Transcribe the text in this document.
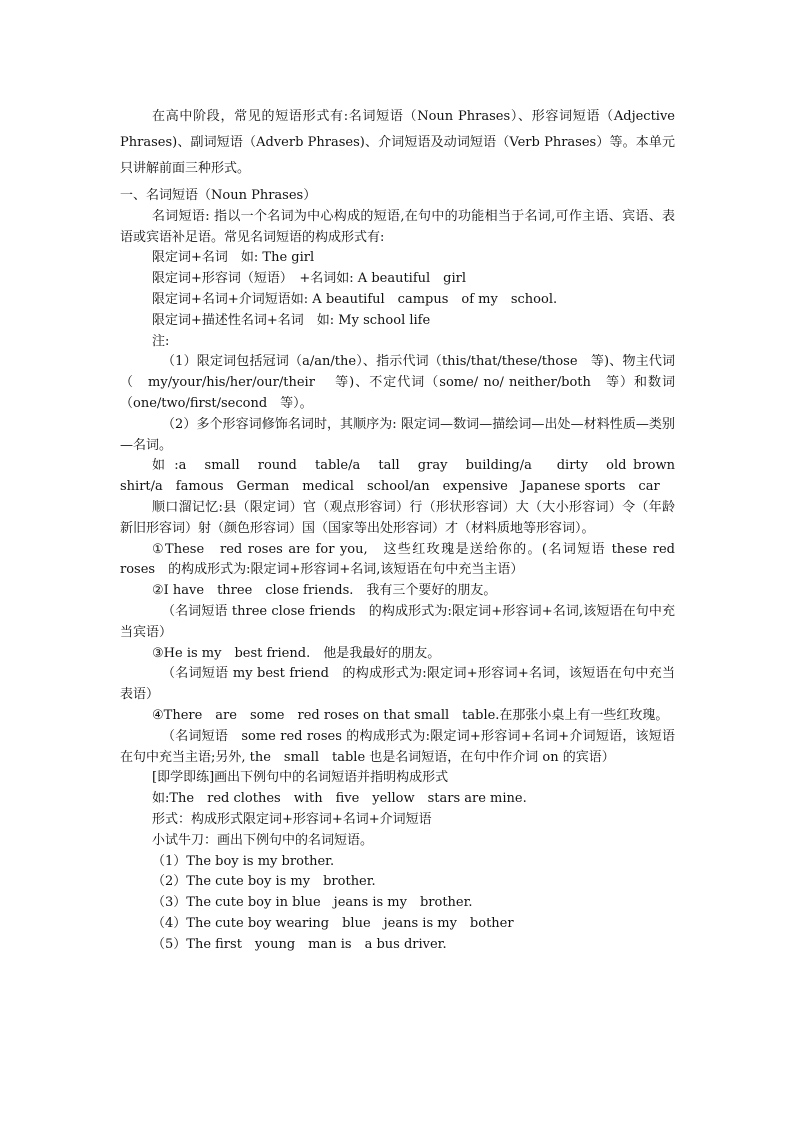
在高中阶段，常见的短语形式有:名词短语（Noun Phrases）、形容词短语（Adjective Phrases)、副词短语（Adverb Phrases)、介词短语及动词短语（Verb Phrases）等。本单元只讲解前面三种形式。

一、名词短语（Noun Phrases）

名词短语: 指以一个名词为中心构成的短语,在句中的功能相当于名词,可作主语、宾语、表语或宾语补足语。常见名词短语的构成形式有:

限定词+名词　如: The girl

限定词+形容词（短语）　+名词如: A beautiful　girl

限定词+名词+介词短语如: A beautiful　campus　of my　school.

限定词+描述性名词+名词　如: My school life

注:

（1）限定词包括冠词（a/an/the）、指示代词（this/that/these/those　等)、物主代词（　my/your/his/her/our/their　 等)、不定代词（some/ no/ neither/both　等）和数词（one/two/first/second　等）。

（2）多个形容词修饰名词时，其顺序为: 限定词—数词—描绘词—出处—材料性质—类别—名词。

如 :a　small　round　table/a　tall　gray　building/a　 dirty　old brown　shirt/a　famous　German　medical　school/an　expensive　Japanese sports　car

顺口溜记忆:县（限定词）官（观点形容词）行（形状形容词）大（大小形容词）令（年龄新旧形容词）射（颜色形容词）国（国家等出处形容词）才（材料质地等形容词）。

①These　red roses are for you,　这些红玫瑰是送给你的。(名词短语 these red　roses　的构成形式为:限定词+形容词+名词,该短语在句中充当主语）

②I have　three　close friends.　我有三个要好的朋友。

（名词短语 three close friends　的构成形式为:限定词+形容词+名词,该短语在句中充当宾语）

③He is my　best friend.　他是我最好的朋友。

（名词短语 my best friend　的构成形式为:限定词+形容词+名词，该短语在句中充当表语）

④There　are　some　red roses on that small　table.在那张小桌上有一些红玫瑰。

（名词短语　some red roses 的构成形式为:限定词+形容词+名词+介词短语，该短语在句中充当主语;另外, the　small　table 也是名词短语，在句中作介词 on 的宾语）

[即学即练]画出下例句中的名词短语并指明构成形式

如:The　red clothes　with　five　yellow　stars are mine.

形式：构成形式限定词+形容词+名词+介词短语

小试牛刀：画出下例句中的名词短语。

（1）The boy is my brother.

（2）The cute boy is my　brother.

（3）The cute boy in blue　jeans is my　brother.

（4）The cute boy wearing　blue　jeans is my　bother

（5）The first　young　man is　a bus driver.
